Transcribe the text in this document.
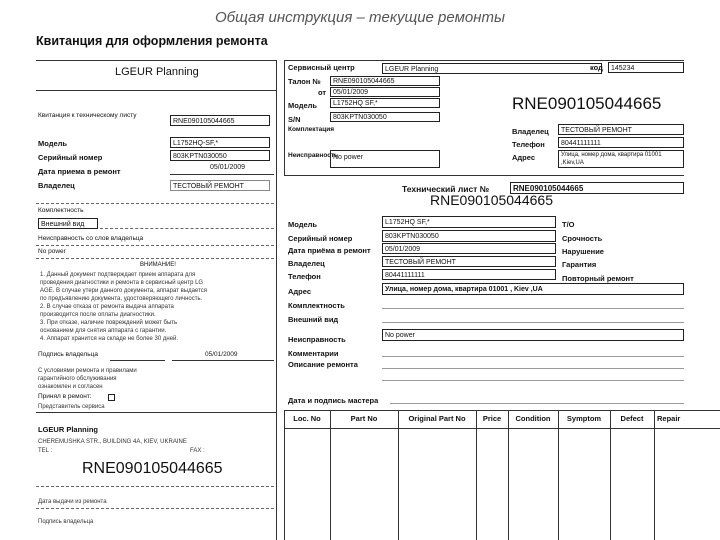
Общая инструкция – текущие ремонты
Квитанция для оформления ремонта
LGEUR Planning
Квитанция к техническому листу
RNE090105044665
Модель	L1752HQ-SF,*
Серийный номер	803KPTN030050
Дата приема в ремонт	05/01/2009
Владелец	ТЕСТОВЫЙ РЕМОНТ
Комплектность
Внешний вид
Неисправность со слов владельца
No power
ВНИМАНИЕ!
1. Данный документ подтверждает прием аппарата для
проведения диагностики и ремонта в сервисный центр LG
AGE. В случае утери данного документа, аппарат выдается
по предъявлению документа, удостоверяющего личность.
2. В случае отказа от ремонта выдача аппарата
производится после оплаты диагностики.
3. При отказе, наличие повреждений может быть
основанием для снятия аппарата с гарантии.
4. Аппарат хранится на складе не более 30 дней.
Подпись владельца	05/01/2009
С условиями ремонта и правилами
гарантийного обслуживания
ознакомлен и согласен
Принял в ремонт:
Представитель сервиса
LGEUR Planning
CHEREMUSHKA STR., BUILDING 4A, KIEV, UKRAINE
TEL :	FAX :
RNE090105044665
Дата выдачи из ремонта
Подпись владельца
Сервисный центр	LGEUR Planning	код	145234
Талон №	RNE090105044665
от 05/01/2009
Модель	L1752HQ SF,*
S/N	803KPTN030050
Комплектация
Неисправность
No power
RNE090105044665
Владелец	ТЕСТОВЫЙ РЕМОНТ
Телефон	80441111111
Адрес	Улица, номер дома, квартира 01001 ,Kiev,UA
Технический лист №	RNE090105044665
RNE090105044665
Модель	L1752HQ SF,*	T/O
Серийный номер	803KPTN030050	Срочность
Дата приёма в ремонт	05/01/2009	Нарушение
Владелец	ТЕСТОВЫЙ РЕМОНТ	Гарантия
Телефон	80441111111	Повторный ремонт
Адрес	Улица, номер дома, квартира 01001 , Kiev ,UA
Комплектность
Внешний вид
Неисправность	No power
Комментарии
Описание ремонта
Дата и подпись мастера
Loc. No	Part No	Original Part No	Price	Condition	Symptom	Defect	Repair
